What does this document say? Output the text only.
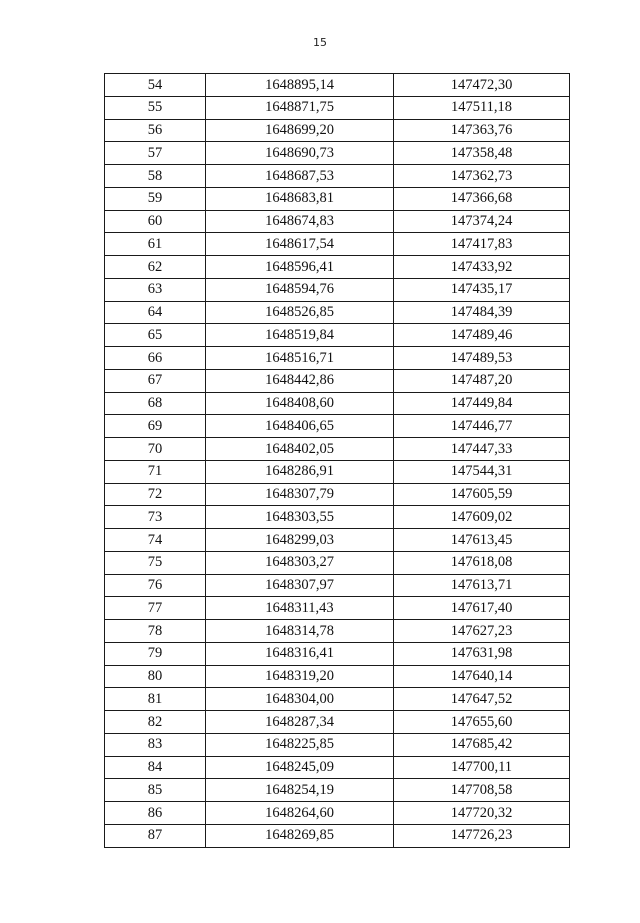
15
54	1648895,14	147472,30
55	1648871,75	147511,18
56	1648699,20	147363,76
57	1648690,73	147358,48
58	1648687,53	147362,73
59	1648683,81	147366,68
60	1648674,83	147374,24
61	1648617,54	147417,83
62	1648596,41	147433,92
63	1648594,76	147435,17
64	1648526,85	147484,39
65	1648519,84	147489,46
66	1648516,71	147489,53
67	1648442,86	147487,20
68	1648408,60	147449,84
69	1648406,65	147446,77
70	1648402,05	147447,33
71	1648286,91	147544,31
72	1648307,79	147605,59
73	1648303,55	147609,02
74	1648299,03	147613,45
75	1648303,27	147618,08
76	1648307,97	147613,71
77	1648311,43	147617,40
78	1648314,78	147627,23
79	1648316,41	147631,98
80	1648319,20	147640,14
81	1648304,00	147647,52
82	1648287,34	147655,60
83	1648225,85	147685,42
84	1648245,09	147700,11
85	1648254,19	147708,58
86	1648264,60	147720,32
87	1648269,85	147726,23
